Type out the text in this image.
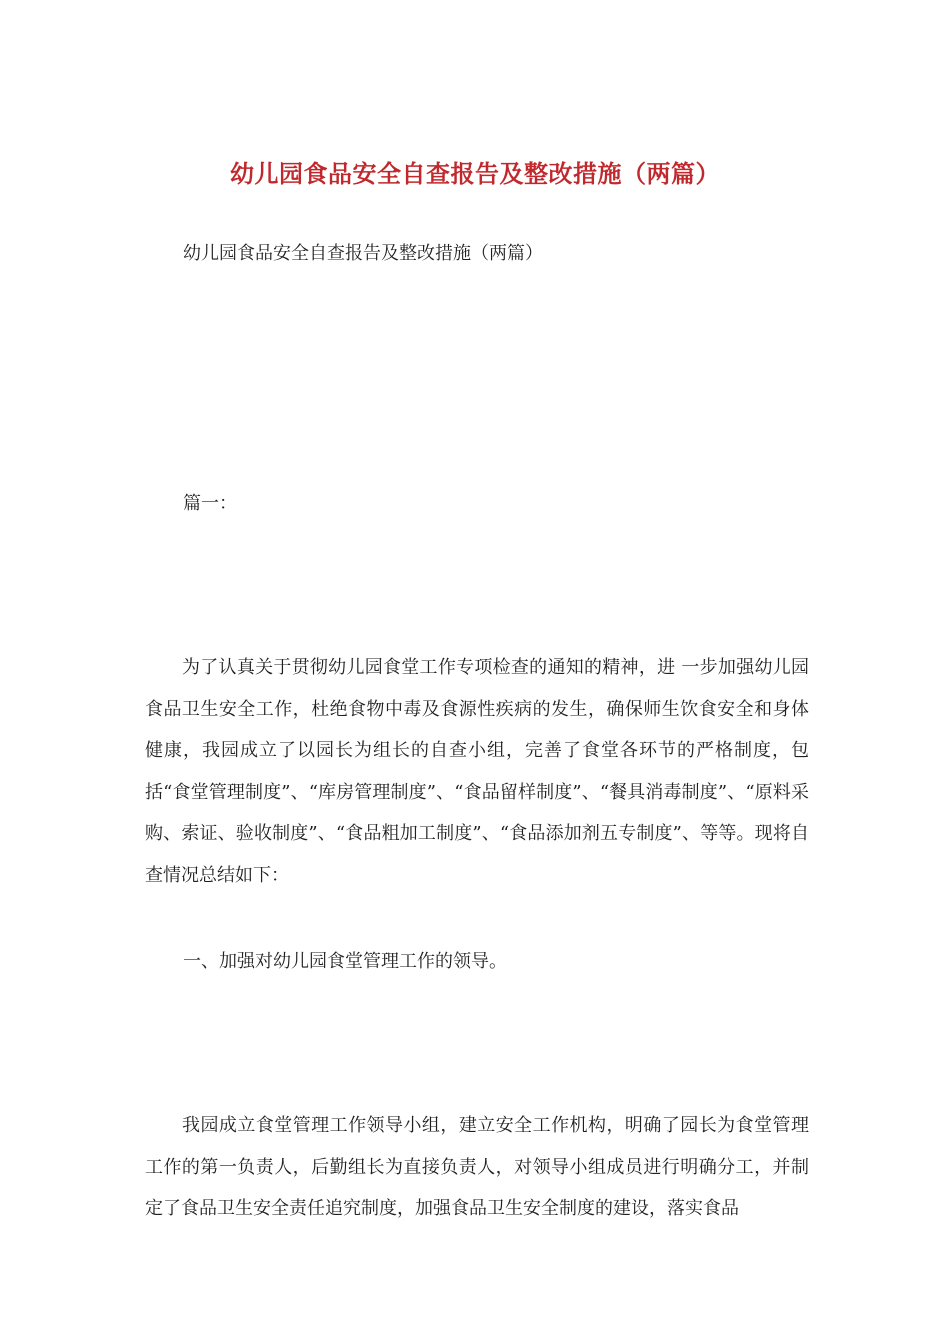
幼儿园食品安全自查报告及整改措施（两篇）
幼儿园食品安全自查报告及整改措施（两篇）
篇一：
为了认真关于贯彻幼儿园食堂工作专项检查的通知的精神，进 一步加强幼儿园食品卫生安全工作，杜绝食物中毒及食源性疾病的发生，确保师生饮食安全和身体健康，我园成立了以园长为组长的自查小组，完善了食堂各环节的严格制度，包括“食堂管理制度”、“库房管理制度”、“食品留样制度”、“餐具消毒制度”、“原料采购、索证、验收制度”、“食品粗加工制度”、“食品添加剂五专制度”、等等。现将自查情况总结如下：
一、加强对幼儿园食堂管理工作的领导。
我园成立食堂管理工作领导小组，建立安全工作机构，明确了园长为食堂管理工作的第一负责人，后勤组长为直接负责人，对领导小组成员进行明确分工，并制定了食品卫生安全责任追究制度，加强食品卫生安全制度的建设，落实食品
